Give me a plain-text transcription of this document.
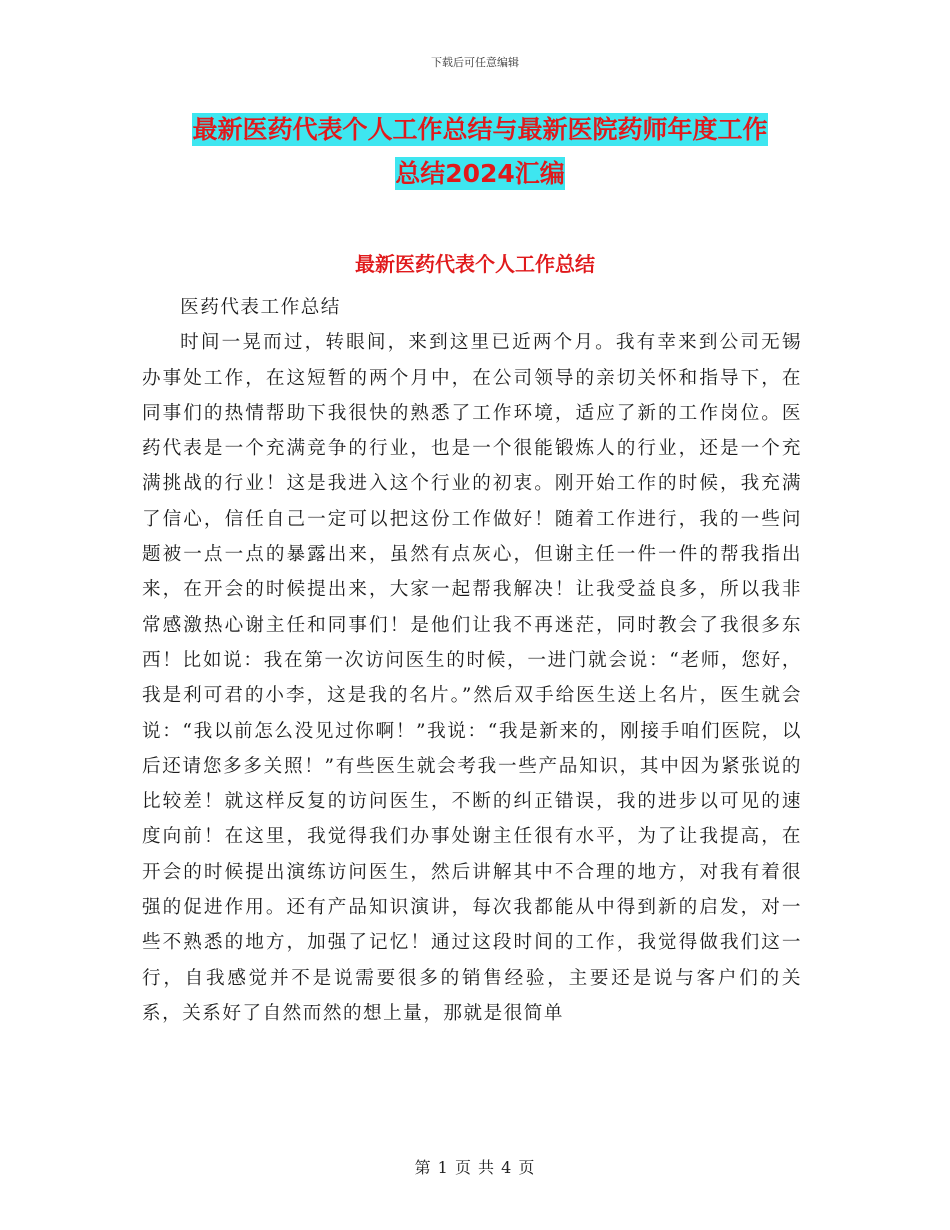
下载后可任意编辑
最新医药代表个人工作总结与最新医院药师年度工作
总结2024汇编
最新医药代表个人工作总结

医药代表工作总结

时间一晃而过，转眼间，来到这里已近两个月。我有幸来到公司无锡办事处工作，在这短暂的两个月中，在公司领导的亲切关怀和指导下，在同事们的热情帮助下我很快的熟悉了工作环境，适应了新的工作岗位。医药代表是一个充满竞争的行业，也是一个很能锻炼人的行业，还是一个充满挑战的行业！这是我进入这个行业的初衷。刚开始工作的时候，我充满了信心，信任自己一定可以把这份工作做好！随着工作进行，我的一些问题被一点一点的暴露出来，虽然有点灰心，但谢主任一件一件的帮我指出来，在开会的时候提出来，大家一起帮我解决！让我受益良多，所以我非常感激热心谢主任和同事们！是他们让我不再迷茫，同时教会了我很多东西！比如说：我在第一次访问医生的时候，一进门就会说：“老师，您好，我是利可君的小李，这是我的名片。”然后双手给医生送上名片，医生就会说：“我以前怎么没见过你啊！”我说：“我是新来的，刚接手咱们医院，以后还请您多多关照！”有些医生就会考我一些产品知识，其中因为紧张说的比较差！就这样反复的访问医生，不断的纠正错误，我的进步以可见的速度向前！在这里，我觉得我们办事处谢主任很有水平，为了让我提高，在开会的时候提出演练访问医生，然后讲解其中不合理的地方，对我有着很强的促进作用。还有产品知识演讲，每次我都能从中得到新的启发，对一些不熟悉的地方，加强了记忆！通过这段时间的工作，我觉得做我们这一行，自我感觉并不是说需要很多的销售经验，主要还是说与客户们的关系，关系好了自然而然的想上量，那就是很简单

第 1 页 共 4 页
